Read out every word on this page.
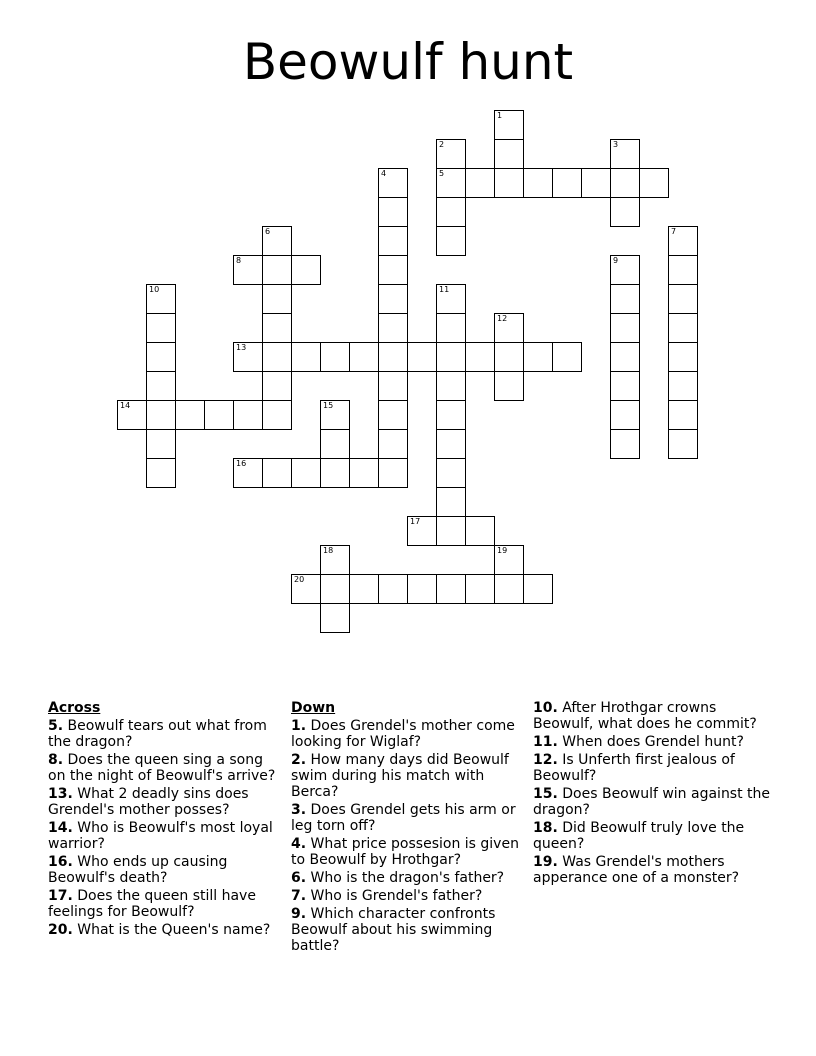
Beowulf hunt
1
2	3
4	5
6	7
8	9
10	11
12
13
14	15
16
17
18	19
20
Across
5. Beowulf tears out what from the dragon?
8. Does the queen sing a song on the night of Beowulf's arrive?
13. What 2 deadly sins does Grendel's mother posses?
14. Who is Beowulf's most loyal warrior?
16. Who ends up causing Beowulf's death?
17. Does the queen still have feelings for Beowulf?
20. What is the Queen's name?
Down
1. Does Grendel's mother come looking for Wiglaf?
2. How many days did Beowulf swim during his match with Berca?
3. Does Grendel gets his arm or leg torn off?
4. What price possesion is given to Beowulf by Hrothgar?
6. Who is the dragon's father?
7. Who is Grendel's father?
9. Which character confronts Beowulf about his swimming battle?
10. After Hrothgar crowns Beowulf, what does he commit?
11. When does Grendel hunt?
12. Is Unferth first jealous of Beowulf?
15. Does Beowulf win against the dragon?
18. Did Beowulf truly love the queen?
19. Was Grendel's mothers apperance one of a monster?
